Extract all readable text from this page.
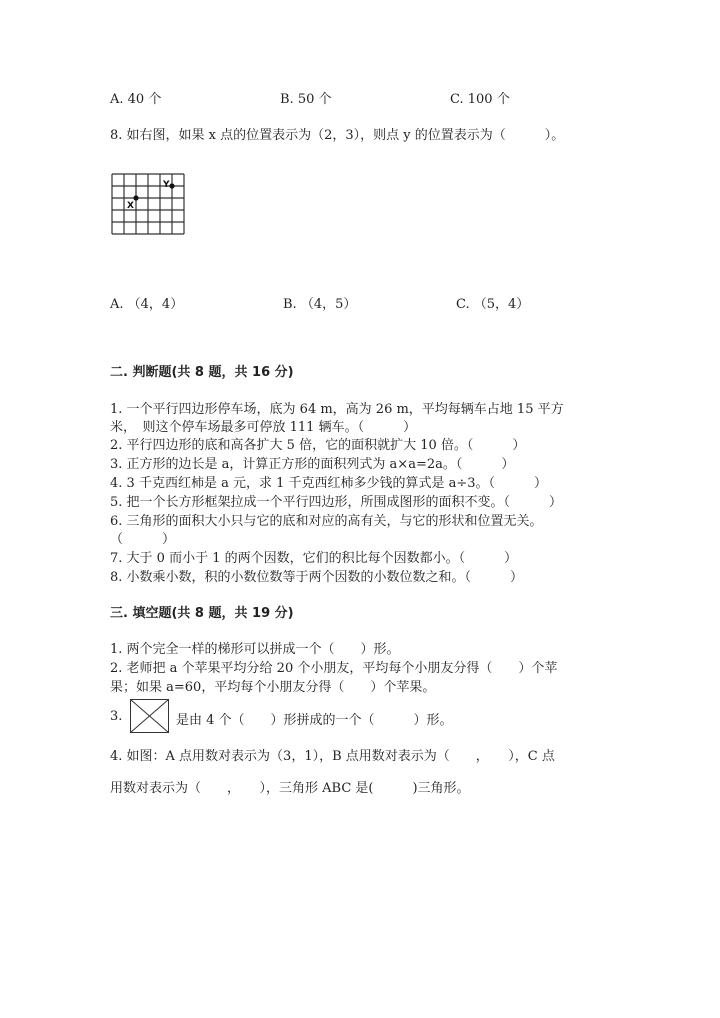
A. 40 个	B. 50 个	C. 100 个
8. 如右图，如果 x 点的位置表示为（2，3），则点 y 的位置表示为（　　　）。
X
Y
A. （4，4）	B. （4，5）	C. （5，4）
二. 判断题(共 8 题，共 16 分)
1. 一个平行四边形停车场，底为 64 m，高为 26 m，平均每辆车占地 15 平方
米，　则这个停车场最多可停放 111 辆车。（　　　）
2. 平行四边形的底和高各扩大 5 倍，它的面积就扩大 10 倍。（　　　）
3. 正方形的边长是 a，计算正方形的面积列式为 a×a=2a。（　　　）
4. 3 千克西红柿是 a 元，求 1 千克西红柿多少钱的算式是 a÷3。（　　　）
5. 把一个长方形框架拉成一个平行四边形，所围成图形的面积不变。（　　　）
6. 三角形的面积大小只与它的底和对应的高有关，与它的形状和位置无关。
（　　　）
7. 大于 0 而小于 1 的两个因数，它们的积比每个因数都小。（　　　）
8. 小数乘小数，积的小数位数等于两个因数的小数位数之和。（　　　）
三. 填空题(共 8 题，共 19 分)
1. 两个完全一样的梯形可以拼成一个（　　）形。
2. 老师把 a 个苹果平均分给 20 个小朋友，平均每个小朋友分得（　　）个苹
果；如果 a=60，平均每个小朋友分得（　　）个苹果。
3.	是由 4 个（　　）形拼成的一个（　　　）形。
4. 如图：A 点用数对表示为（3，1），B 点用数对表示为（　　，　　），C 点
用数对表示为（　　，　　），三角形 ABC 是(　　　)三角形。
